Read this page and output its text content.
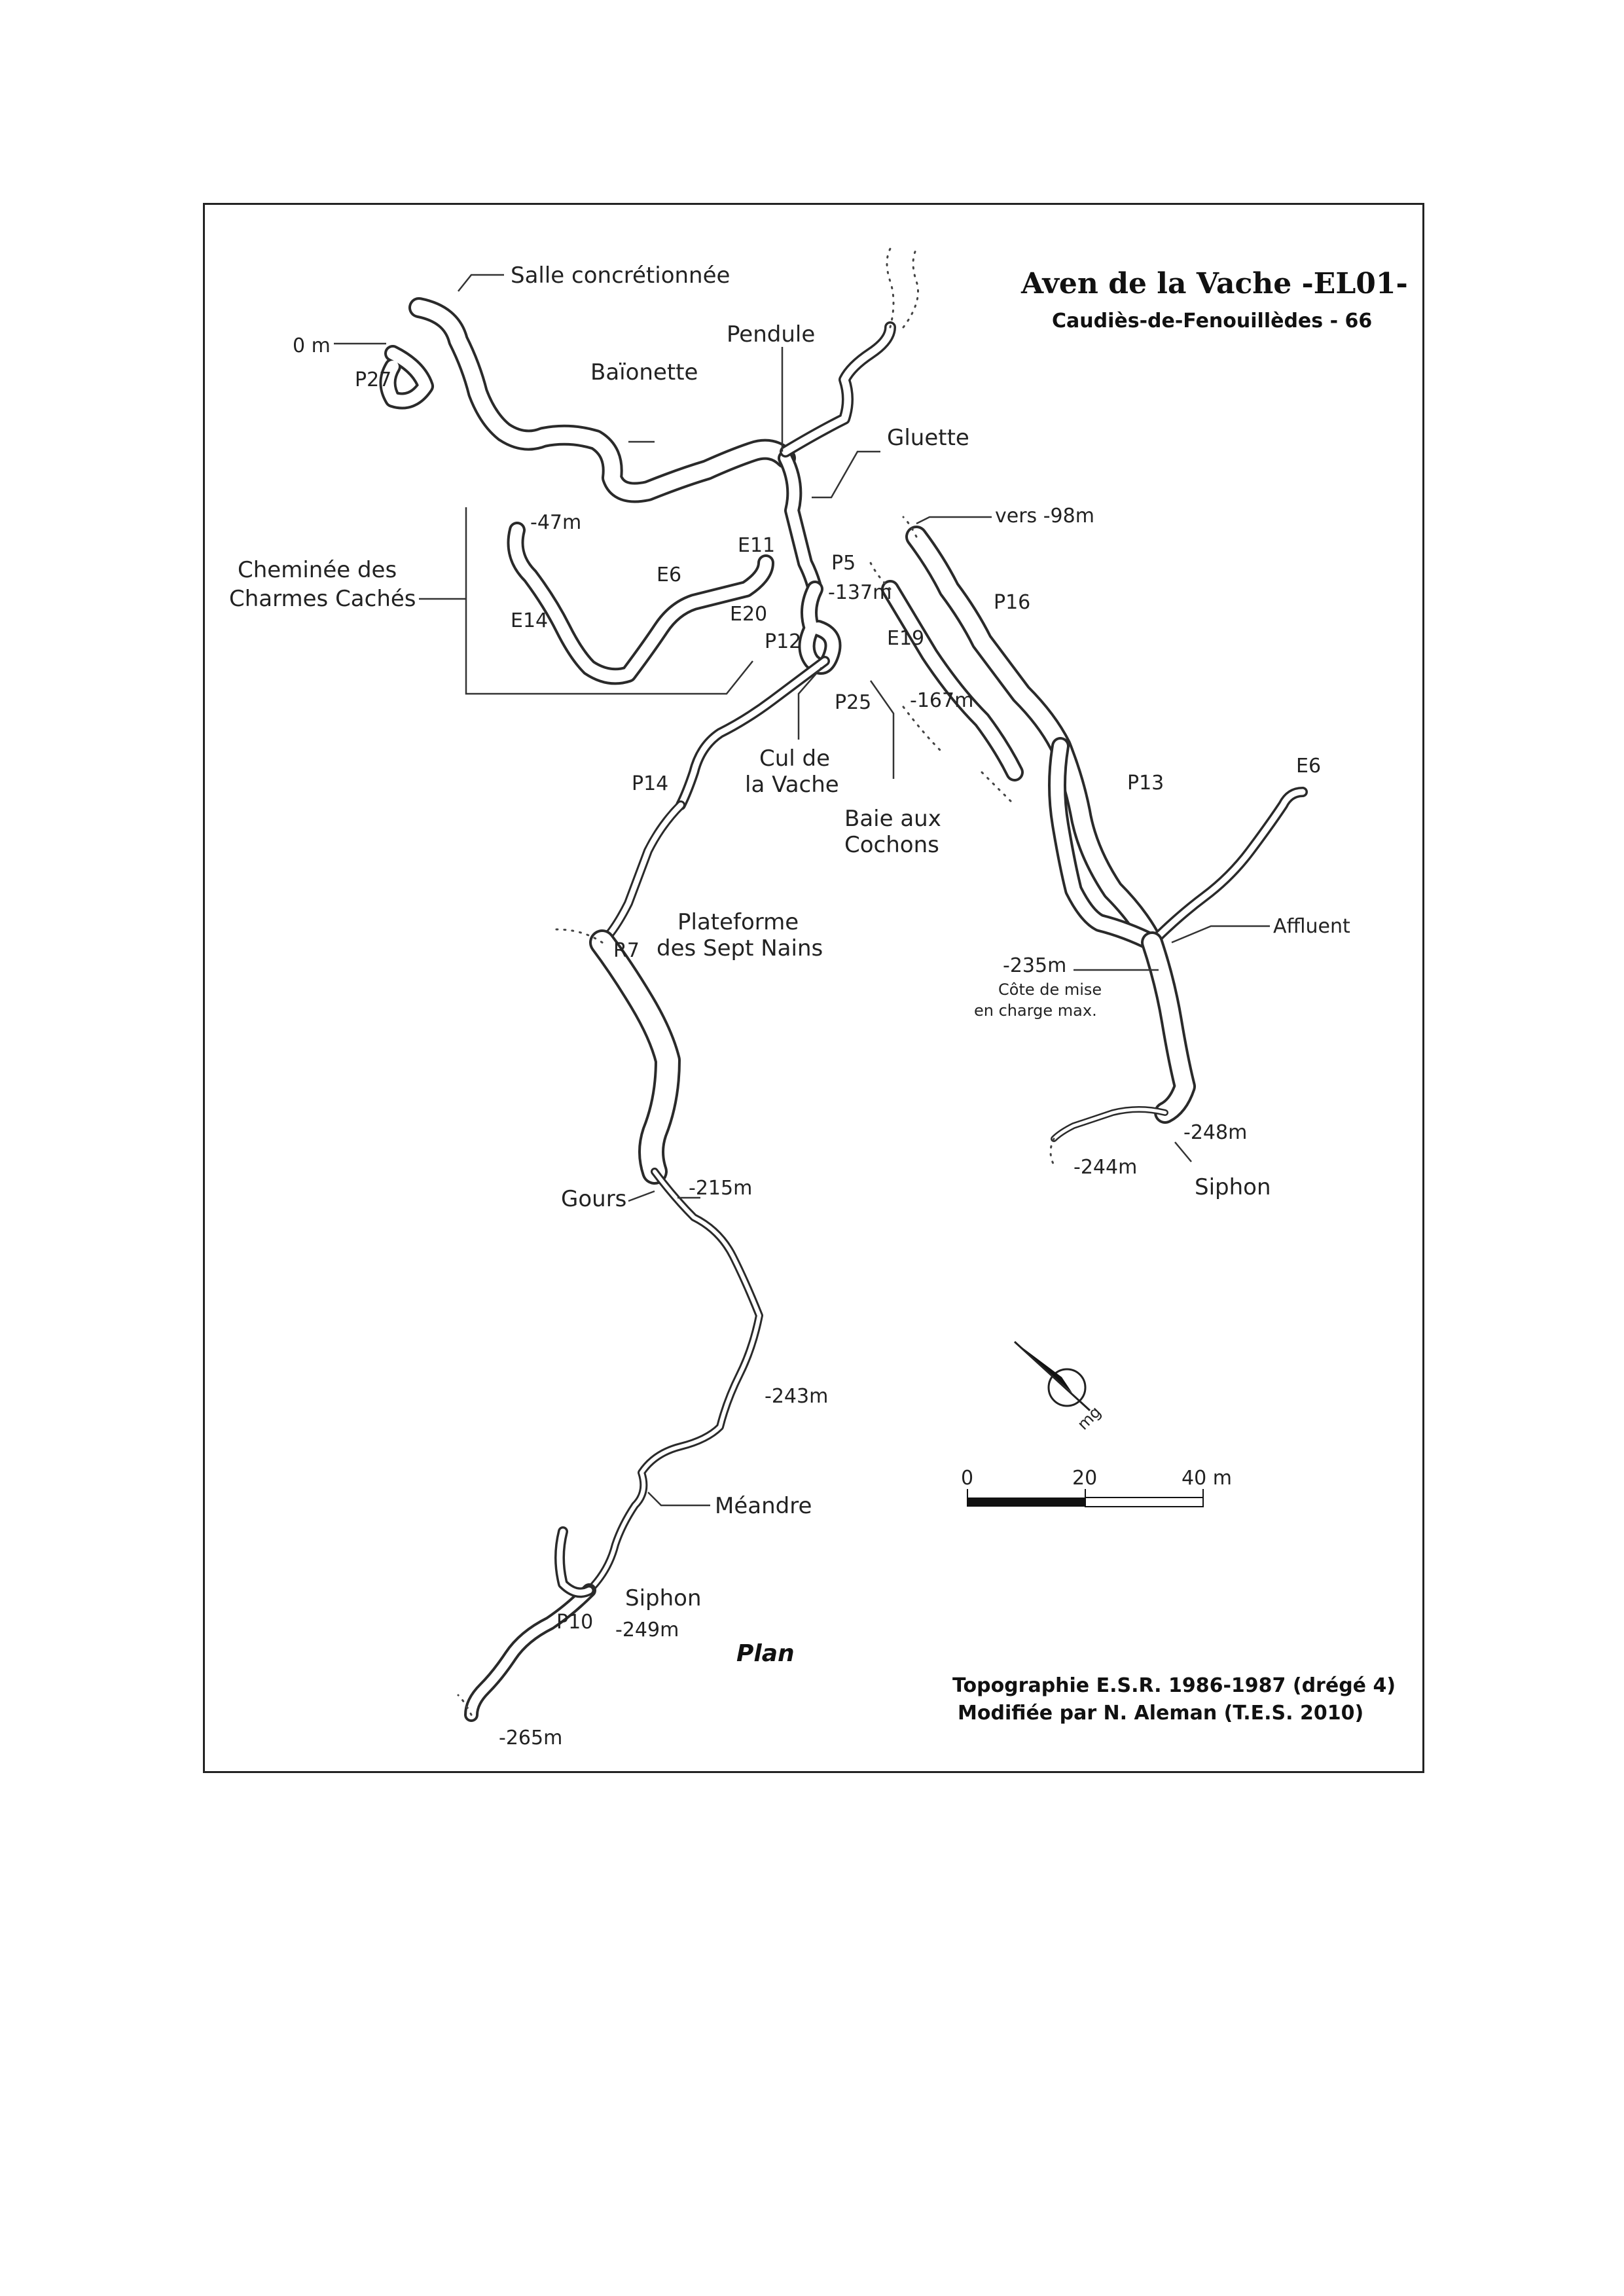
Salle concrétionnée
0 m
P27	Baïonette
Pendule
Gluette
vers -98m
-47m
Cheminée des
Charmes Cachés
E14
E6
E11
E20
P5
-137m	P16
E19
P12
P25 -167m
Cul de
la Vache
Baie aux
Cochons
P14	P13
E6
Affluent
Plateforme
des Sept Nains
R7
-235m
Côte de mise
en charge max.
-248m
-244m
Siphon
Gours	-215m
-243m
Méandre
Siphon
P10 -249m
-265m
Aven de la Vache -EL01-
Caudiès-de-Fenouillèdes - 66
mg
0	20	40 m
Plan
Topographie E.S.R. 1986-1987 (drégé 4)
Modifiée par N. Aleman (T.E.S. 2010)
